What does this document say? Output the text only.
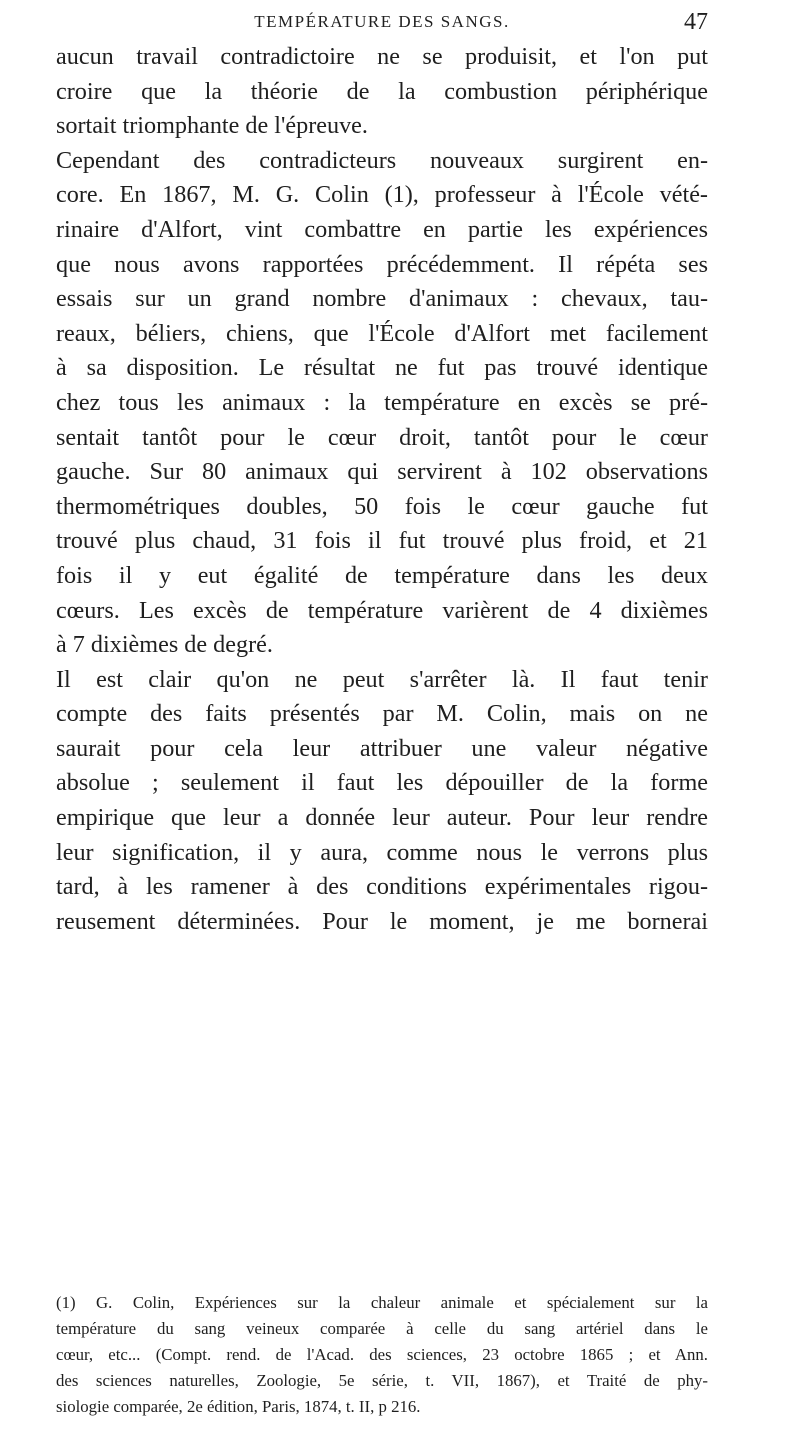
TEMPÉRATURE DES SANGS.	47
aucun travail contradictoire ne se produisit, et l'on put
croire que la théorie de la combustion périphérique
sortait triomphante de l'épreuve.
Cependant des contradicteurs nouveaux surgirent en-
core. En 1867, M. G. Colin (1), professeur à l'École vété-
rinaire d'Alfort, vint combattre en partie les expériences
que nous avons rapportées précédemment. Il répéta ses
essais sur un grand nombre d'animaux : chevaux, tau-
reaux, béliers, chiens, que l'École d'Alfort met facilement
à sa disposition. Le résultat ne fut pas trouvé identique
chez tous les animaux : la température en excès se pré-
sentait tantôt pour le cœur droit, tantôt pour le cœur
gauche. Sur 80 animaux qui servirent à 102 observations
thermométriques doubles, 50 fois le cœur gauche fut
trouvé plus chaud, 31 fois il fut trouvé plus froid, et 21
fois il y eut égalité de température dans les deux
cœurs. Les excès de température varièrent de 4 dixièmes
à 7 dixièmes de degré.
Il est clair qu'on ne peut s'arrêter là. Il faut tenir
compte des faits présentés par M. Colin, mais on ne
saurait pour cela leur attribuer une valeur négative
absolue ; seulement il faut les dépouiller de la forme
empirique que leur a donnée leur auteur. Pour leur rendre
leur signification, il y aura, comme nous le verrons plus
tard, à les ramener à des conditions expérimentales rigou-
reusement déterminées. Pour le moment, je me bornerai
(1) G. Colin, Expériences sur la chaleur animale et spécialement sur la
température du sang veineux comparée à celle du sang artériel dans le
cœur, etc... (Compt. rend. de l'Acad. des sciences, 23 octobre 1865 ; et Ann.
des sciences naturelles, Zoologie, 5e série, t. VII, 1867), et Traité de phy-
siologie comparée, 2e édition, Paris, 1874, t. II, p 216.
